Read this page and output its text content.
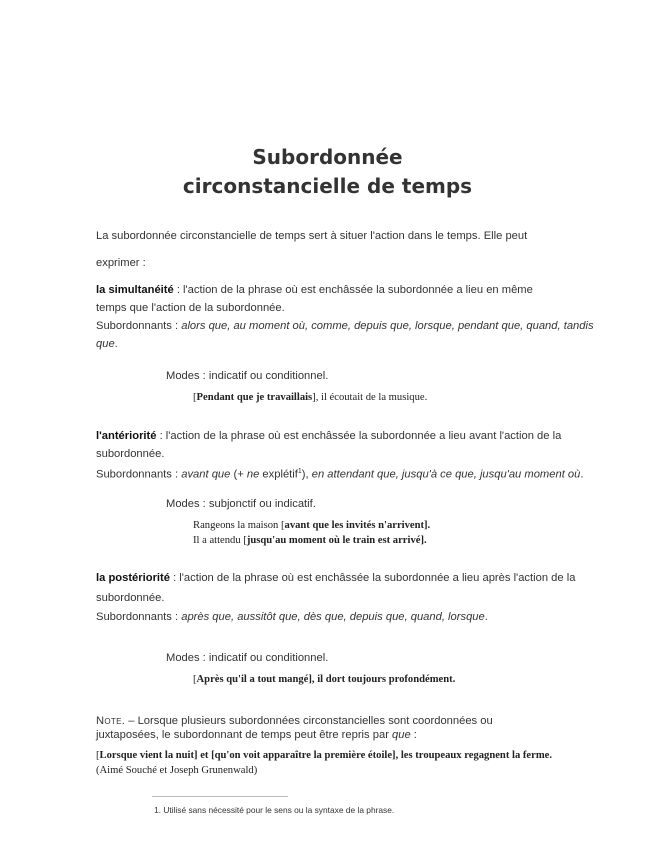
Subordonnée
circonstancielle de temps
La subordonnée circonstancielle de temps sert à situer l'action dans le temps. Elle peut
exprimer :
la simultanéité : l'action de la phrase où est enchâssée la subordonnée a lieu en même
temps que l'action de la subordonnée.
Subordonnants : alors que, au moment où, comme, depuis que, lorsque, pendant que, quand, tandis
que.
Modes : indicatif ou conditionnel.
[Pendant que je travaillais], il écoutait de la musique.
l'antériorité : l'action de la phrase où est enchâssée la subordonnée a lieu avant l'action de la
subordonnée.
Subordonnants : avant que (+ ne explétif$^1$), en attendant que, jusqu'à ce que, jusqu'au moment où.
Modes : subjonctif ou indicatif.
Rangeons la maison [avant que les invités n'arrivent].
Il a attendu [jusqu'au moment où le train est arrivé].
la postériorité : l'action de la phrase où est enchâssée la subordonnée a lieu après l'action de la
subordonnée.
Subordonnants : après que, aussitôt que, dès que, depuis que, quand, lorsque.
Modes : indicatif ou conditionnel.
[Après qu'il a tout mangé], il dort toujours profondément.
Note. – Lorsque plusieurs subordonnées circonstancielles sont coordonnées ou
juxtaposées, le subordonnant de temps peut être repris par que :
[Lorsque vient la nuit] et [qu'on voit apparaître la première étoile], les troupeaux regagnent la ferme.
(Aimé Souché et Joseph Grunenwald)
1. Utilisé sans nécessité pour le sens ou la syntaxe de la phrase.
